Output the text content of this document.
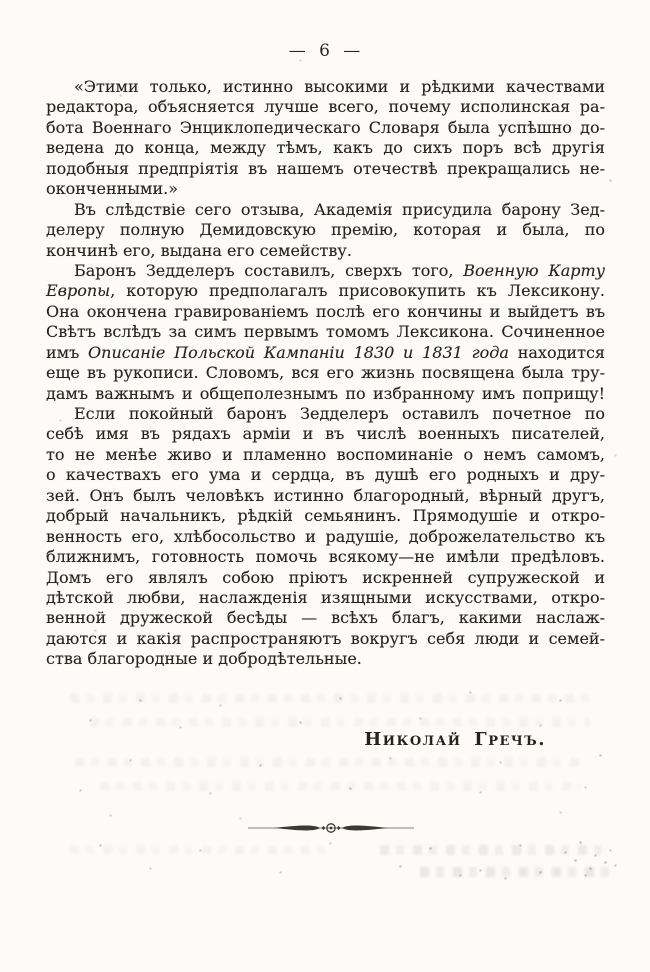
— 6 —
«Этими только, истинно высокими и рѣдкими качествами
редактора, объясняется лучше всего, почему исполинская ра-
бота Военнаго Энциклопедическаго Словаря была успѣшно до-
ведена до конца, между тѣмъ, какъ до сихъ поръ всѣ другія
подобныя предпріятія въ нашемъ отечествѣ прекращались не-
оконченными.»
Въ слѣдствіе сего отзыва, Академія присудила барону Зед-
делеру полную Демидовскую премію, которая и была, по
кончинѣ его, выдана его семейству.
Баронъ Зедделеръ составилъ, сверхъ того, Военную Карту
Европы, которую предполагалъ присовокупить къ Лексикону.
Она окончена гравированіемъ послѣ его кончины и выйдетъ въ
Свѣтъ вслѣдъ за симъ первымъ томомъ Лексикона. Сочиненное
имъ Описаніе Польской Кампаніи 1830 и 1831 года находится
еще въ рукописи. Словомъ, вся его жизнь посвящена была тру-
дамъ важнымъ и общеполезнымъ по избранному имъ поприщу!
Если покойный баронъ Зедделеръ оставилъ почетное по
себѣ имя въ рядахъ арміи и въ числѣ военныхъ писателей,
то не менѣе живо и пламенно воспоминаніе о немъ самомъ,
о качествахъ его ума и сердца, въ душѣ его родныхъ и дру-
зей. Онъ былъ человѣкъ истинно благородный, вѣрный другъ,
добрый начальникъ, рѣдкій семьянинъ. Прямодушіе и откро-
венность его, хлѣбосольство и радушіе, доброжелательство къ
ближнимъ, готовность помочь всякому—не имѣли предѣловъ.
Домъ его являлъ собою пріютъ искренней супружеской и
дѣтской любви, наслажденія изящными искусствами, откро-
венной дружеской бесѣды — всѣхъ благъ, какими наслаж-
даются и какія распространяютъ вокругъ себя люди и семей-
ства благородные и добродѣтельные.
Николай Гречъ.
